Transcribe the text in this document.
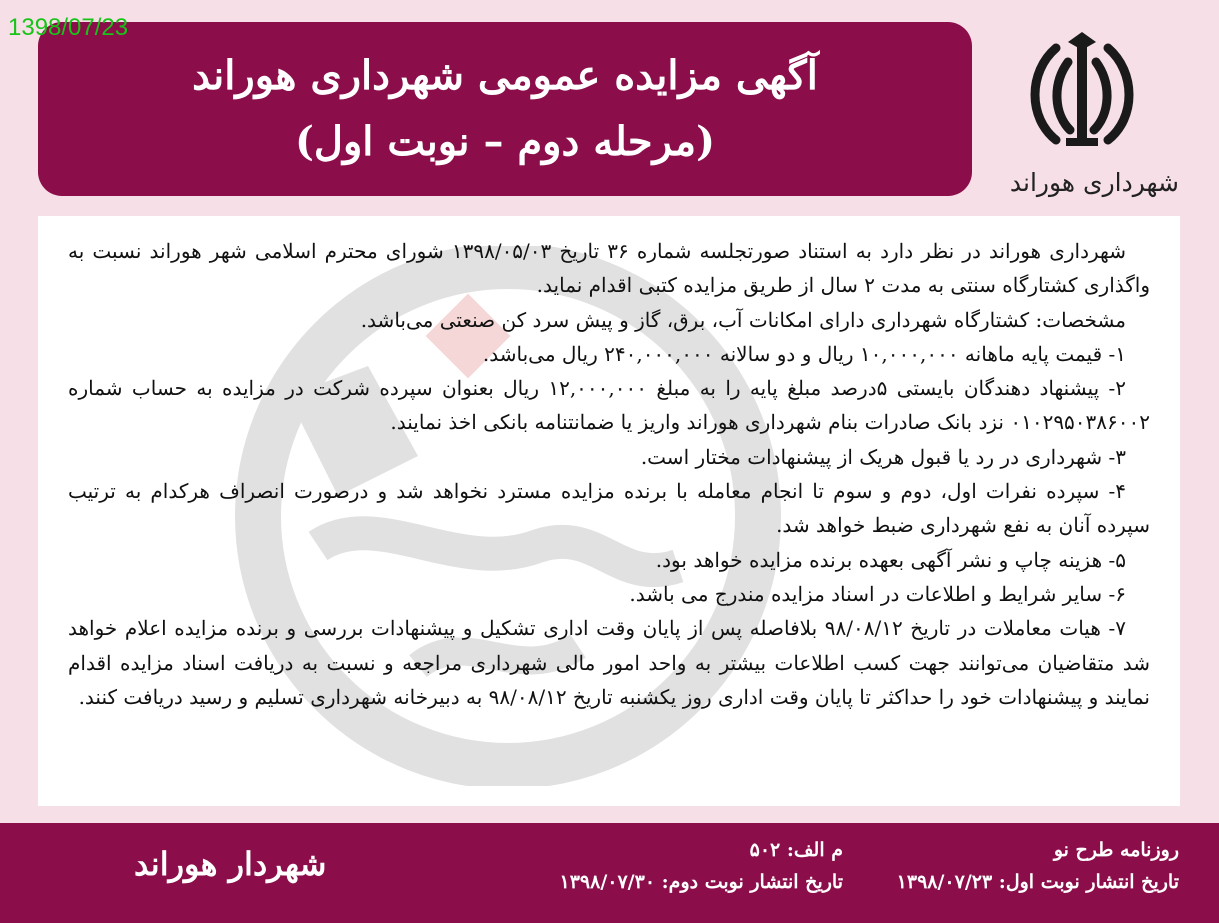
1398/07/23
آگهی مزایده عمومی شهرداری هوراند
(مرحله دوم – نوبت اول)
شهرداری هوراند

شهرداری هوراند در نظر دارد به استناد صورتجلسه شماره ۳۶ تاریخ ۱۳۹۸/۰۵/۰۳ شورای محترم اسلامی شهر هوراند نسبت به واگذاری کشتارگاه سنتی به مدت ۲ سال از طریق مزایده کتبی اقدام نماید.

مشخصات: کشتارگاه شهرداری دارای امکانات آب، برق، گاز و پیش سرد کن صنعتی می‌باشد.

۱- قیمت پایه ماهانه ۱۰,۰۰۰,۰۰۰ ریال و دو سالانه ۲۴۰,۰۰۰,۰۰۰ ریال می‌باشد.

۲- پیشنهاد دهندگان بایستی ۵درصد مبلغ پایه را به مبلغ ۱۲,۰۰۰,۰۰۰ ریال بعنوان سپرده شرکت در مزایده به حساب شماره ۰۱۰۲۹۵۰۳۸۶۰۰۲ نزد بانک صادرات بنام شهرداری هوراند واریز یا ضمانتنامه بانکی اخذ نمایند.

۳- شهرداری در رد یا قبول هریک از پیشنهادات مختار است.

۴- سپرده نفرات اول، دوم و سوم تا انجام معامله با برنده مزایده مسترد نخواهد شد و درصورت انصراف هرکدام به ترتیب سپرده آنان به نفع شهرداری ضبط خواهد شد.

۵- هزینه چاپ و نشر آگهی بعهده برنده مزایده خواهد بود.

۶- سایر شرایط و اطلاعات در اسناد مزایده مندرج می باشد.

۷- هیات معاملات در تاریخ ۹۸/۰۸/۱۲ بلافاصله پس از پایان وقت اداری تشکیل و پیشنهادات بررسی و برنده مزایده اعلام خواهد شد متقاضیان می‌توانند جهت کسب اطلاعات بیشتر به واحد امور مالی شهرداری مراجعه و نسبت به دریافت اسناد مزایده اقدام نمایند و پیشنهادات خود را حداکثر تا پایان وقت اداری روز یکشنبه تاریخ ۹۸/۰۸/۱۲ به دبیرخانه شهرداری تسلیم و رسید دریافت کنند.

روزنامه طرح نو
تاریخ انتشار نوبت اول: ۱۳۹۸/۰۷/۲۳
م الف: ۵۰۲
تاریخ انتشار نوبت دوم: ۱۳۹۸/۰۷/۳۰
شهردار هوراند
